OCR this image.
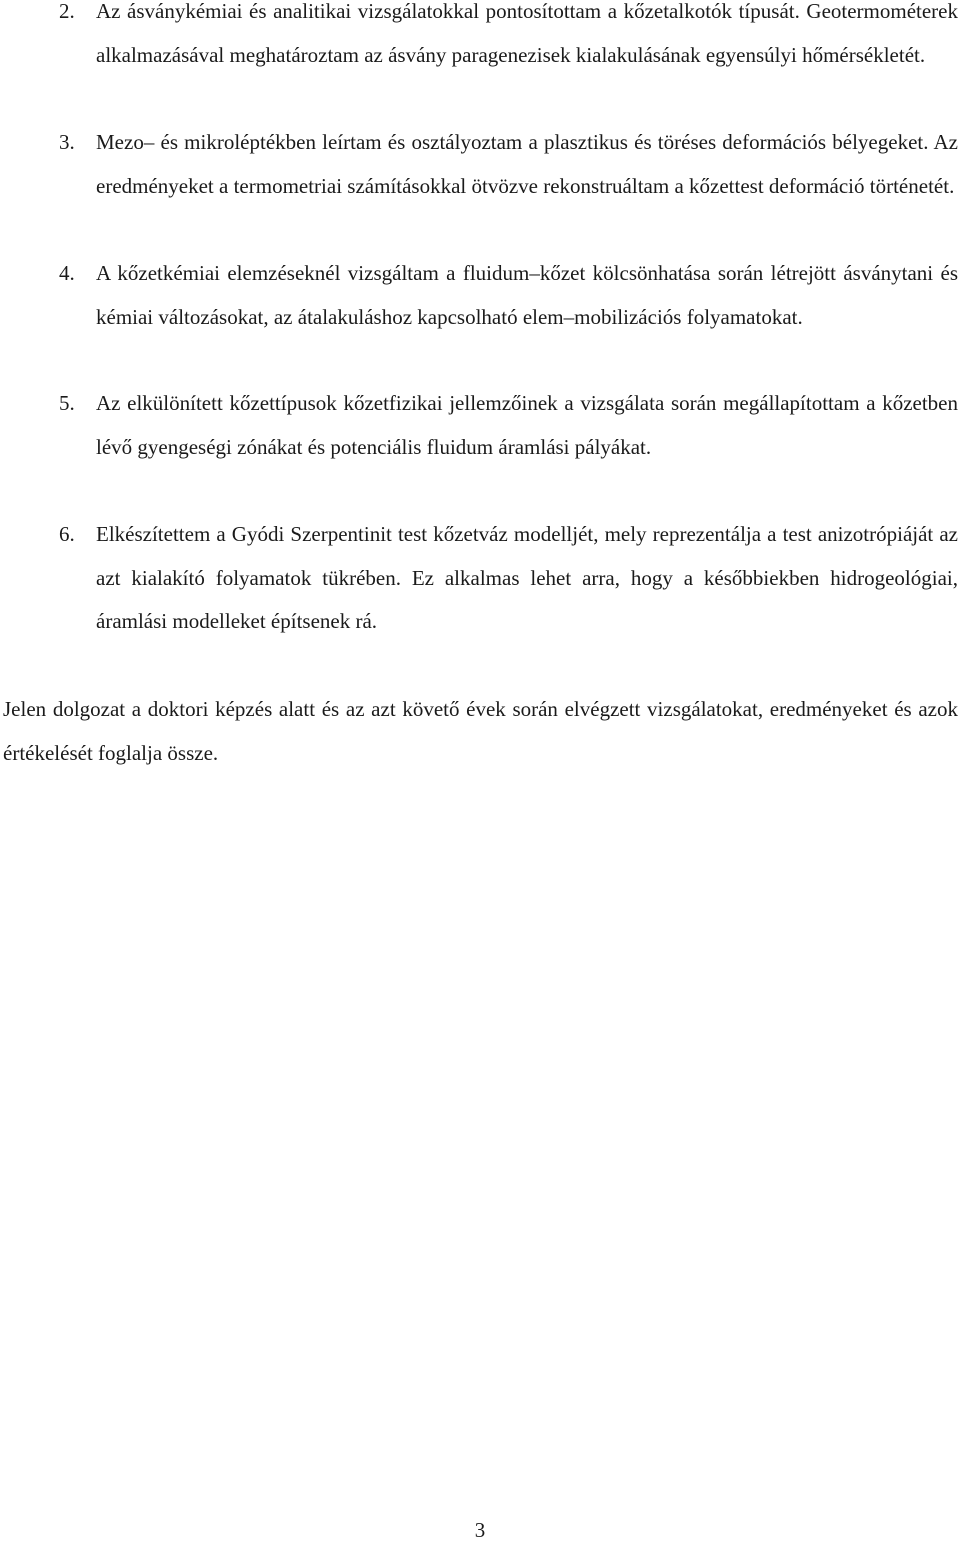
2. Az ásványkémiai és analitikai vizsgálatokkal pontosítottam a kőzetalkotók típusát. Geotermométerek alkalmazásával meghatároztam az ásvány paragenezisek kialakulásának egyensúlyi hőmérsékletét.
3. Mezo– és mikroléptékben leírtam és osztályoztam a plasztikus és töréses deformációs bélyegeket. Az eredményeket a termometriai számításokkal ötvözve rekonstruáltam a kőzettest deformáció történetét.
4. A kőzetkémiai elemzéseknél vizsgáltam a fluidum–kőzet kölcsönhatása során létrejött ásványtani és kémiai változásokat, az átalakuláshoz kapcsolható elem–mobilizációs folyamatokat.
5. Az elkülönített kőzettípusok kőzetfizikai jellemzőinek a vizsgálata során megállapítottam a kőzetben lévő gyengeségi zónákat és potenciális fluidum áramlási pályákat.
6. Elkészítettem a Gyódi Szerpentinit test kőzetváz modelljét, mely reprezentálja a test anizotrópiáját az azt kialakító folyamatok tükrében. Ez alkalmas lehet arra, hogy a későbbiekben hidrogeológiai, áramlási modelleket építsenek rá.
Jelen dolgozat a doktori képzés alatt és az azt követő évek során elvégzett vizsgálatokat, eredményeket és azok értékelését foglalja össze.
3
